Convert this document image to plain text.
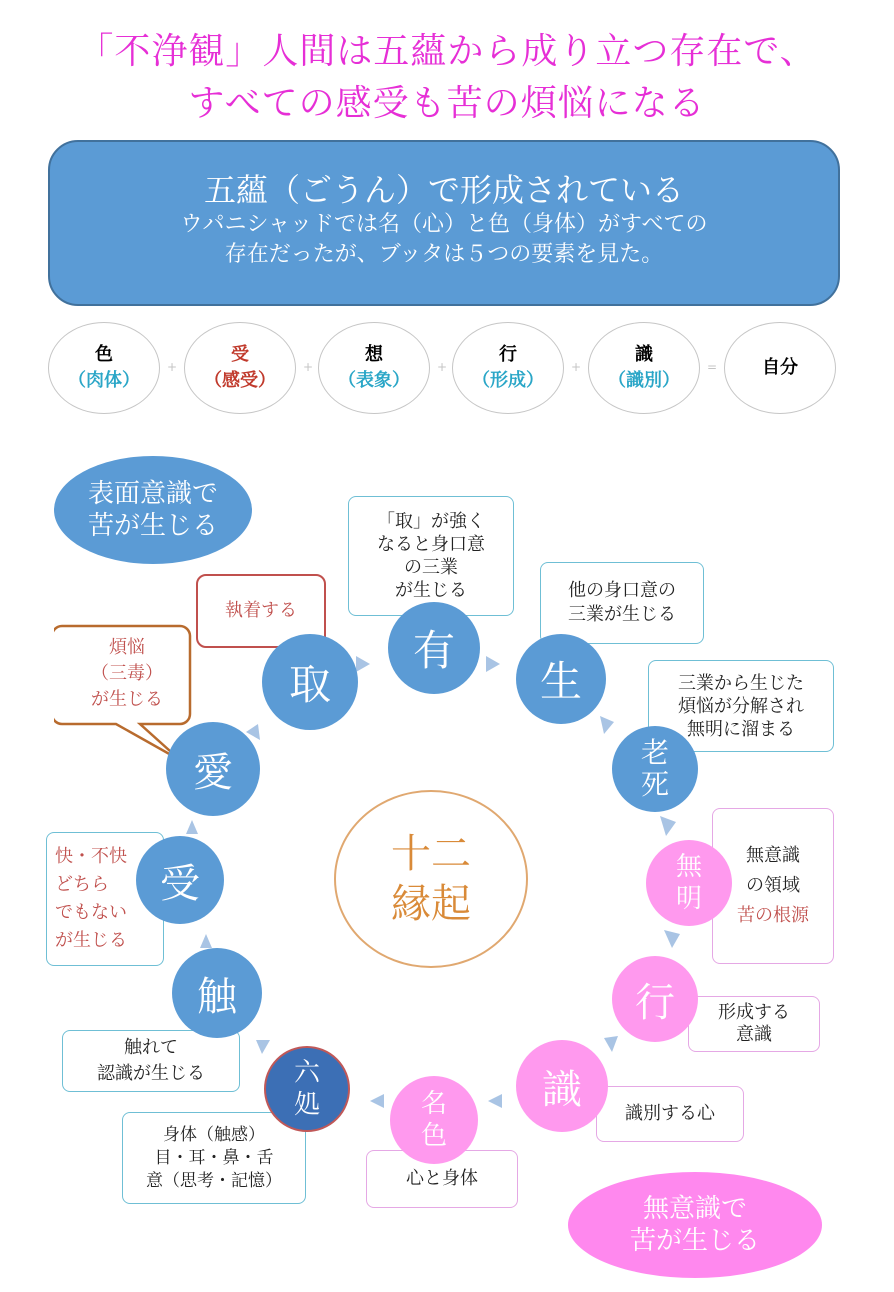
「不浄観」人間は五蘊から成り立つ存在で、
すべての感受も苦の煩悩になる
五蘊（ごうん）で形成されている
ウパニシャッドでは名（心）と色（身体）がすべての
存在だったが、ブッタは５つの要素を見た。
色
（肉体）
+
受
（感受）
+
想
（表象）
+
行
（形成）
+
識
（識別）
=	自分
表面意識で
苦が生じる
無意識で
苦が生じる
執着する
「取」が強く
なると身口意
の三業
が生じる	他の身口意の
三業が生じる
三業から生じた
煩悩が分解され
無明に溜まる
無意識
の領域
苦の根源
形成する
意識
識別する心
心と身体
身体（触感）
目・耳・鼻・舌
意（思考・記憶）
触れて
認識が生じる
快・不快
どちら
でもない
が生じる
煩悩
（三毒）
が生じる
十二
縁起
取
有
生
老
死
無
明
行
識
名
色
六
処
触
受
愛
